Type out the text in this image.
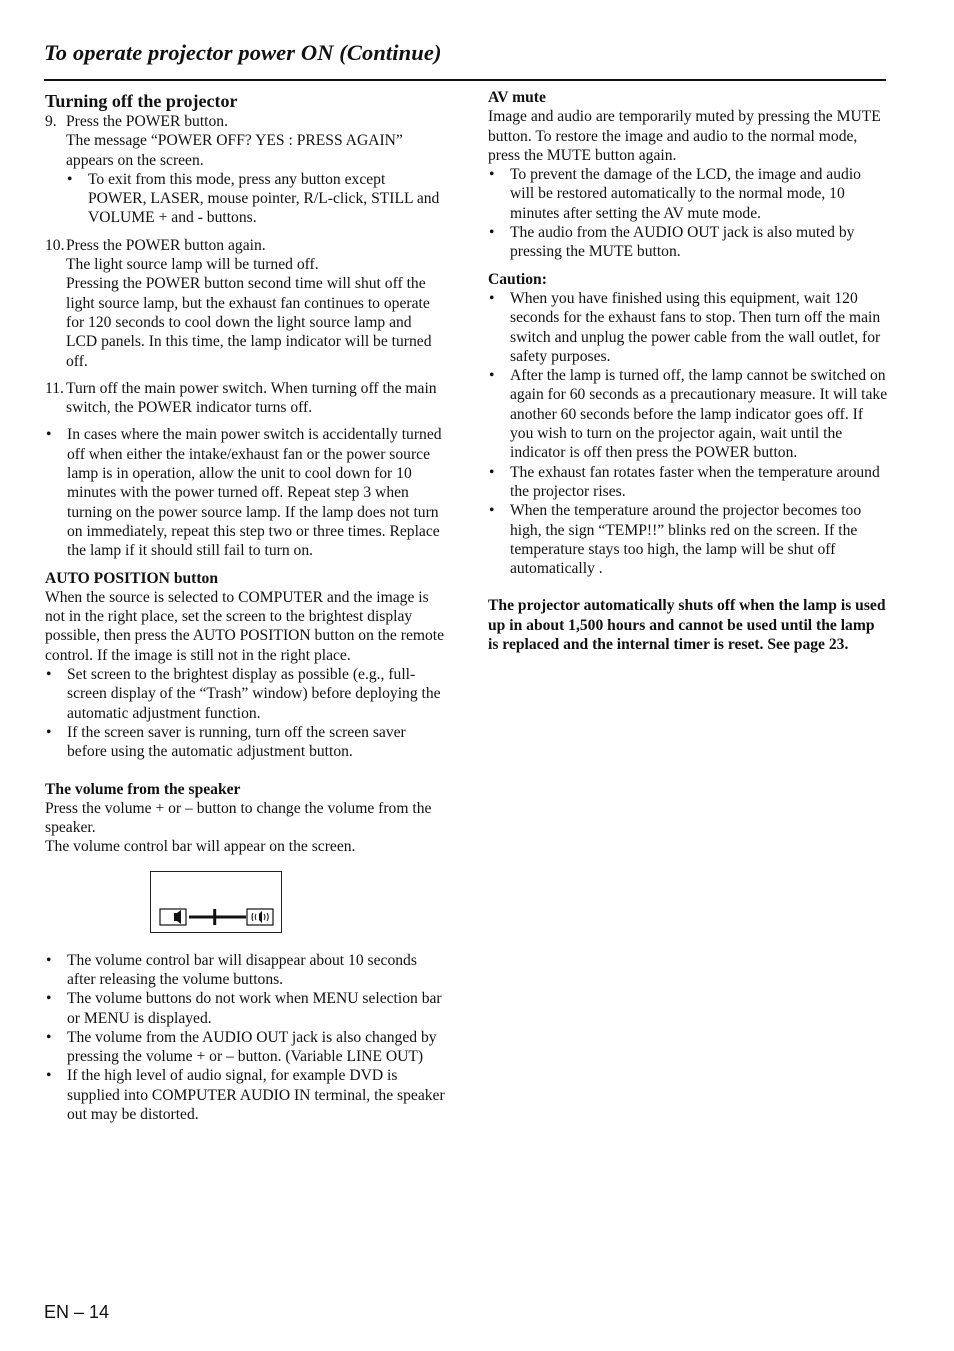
To operate projector power ON (Continue)
Turning off the projector
9. Press the POWER button.

The message “POWER OFF? YES : PRESS AGAIN” appears on the screen.

• To exit from this mode, press any button except POWER, LASER, mouse pointer, R/L-click, STILL and VOLUME + and - buttons.
10. Press the POWER button again.

The light source lamp will be turned off.

Pressing the POWER button second time will shut off the light source lamp, but the exhaust fan continues to operate for 120 seconds to cool down the light source lamp and LCD panels. In this time, the lamp indicator will be turned off.

11. Turn off the main power switch. When turning off the main switch, the POWER indicator turns off.

• In cases where the main power switch is accidentally turned off when either the intake/exhaust fan or the power source lamp is in operation, allow the unit to cool down for 10 minutes with the power turned off. Repeat step 3 when turning on the power source lamp. If the lamp does not turn on immediately, repeat this step two or three times. Replace the lamp if it should still fail to turn on.

AUTO POSITION button

When the source is selected to COMPUTER and the image is not in the right place, set the screen to the brightest display possible, then press the AUTO POSITION button on the remote control. If the image is still not in the right place.

• Set screen to the brightest display as possible (e.g., full-screen display of the “Trash” window) before deploying the automatic adjustment function.
• If the screen saver is running, turn off the screen saver before using the automatic adjustment button.

The volume from the speaker

Press the volume + or – button to change the volume from the speaker.

The volume control bar will appear on the screen.

• The volume control bar will disappear about 10 seconds after releasing the volume buttons.
• The volume buttons do not work when MENU selection bar or MENU is displayed.
• The volume from the AUDIO OUT jack is also changed by pressing the volume + or – button. (Variable LINE OUT)
• If the high level of audio signal, for example DVD is supplied into COMPUTER AUDIO IN terminal, the speaker out may be distorted.

AV mute

Image and audio are temporarily muted by pressing the MUTE button. To restore the image and audio to the normal mode, press the MUTE button again.

• To prevent the damage of the LCD, the image and audio will be restored automatically to the normal mode, 10 minutes after setting the AV mute mode.
• The audio from the AUDIO OUT jack is also muted by pressing the MUTE button.

Caution:

• When you have finished using this equipment, wait 120 seconds for the exhaust fans to stop. Then turn off the main switch and unplug the power cable from the wall outlet, for safety purposes.
• After the lamp is turned off, the lamp cannot be switched on again for 60 seconds as a precautionary measure. It will take another 60 seconds before the lamp indicator goes off. If you wish to turn on the projector again, wait until the indicator is off then press the POWER button.
• The exhaust fan rotates faster when the temperature around the projector rises.
• When the temperature around the projector becomes too high, the sign “TEMP!!” blinks red on the screen. If the temperature stays too high, the lamp will be shut off automatically .

The projector automatically shuts off when the lamp is used up in about 1,500 hours and cannot be used until the lamp is replaced and the internal timer is reset. See page 23.

EN – 14
